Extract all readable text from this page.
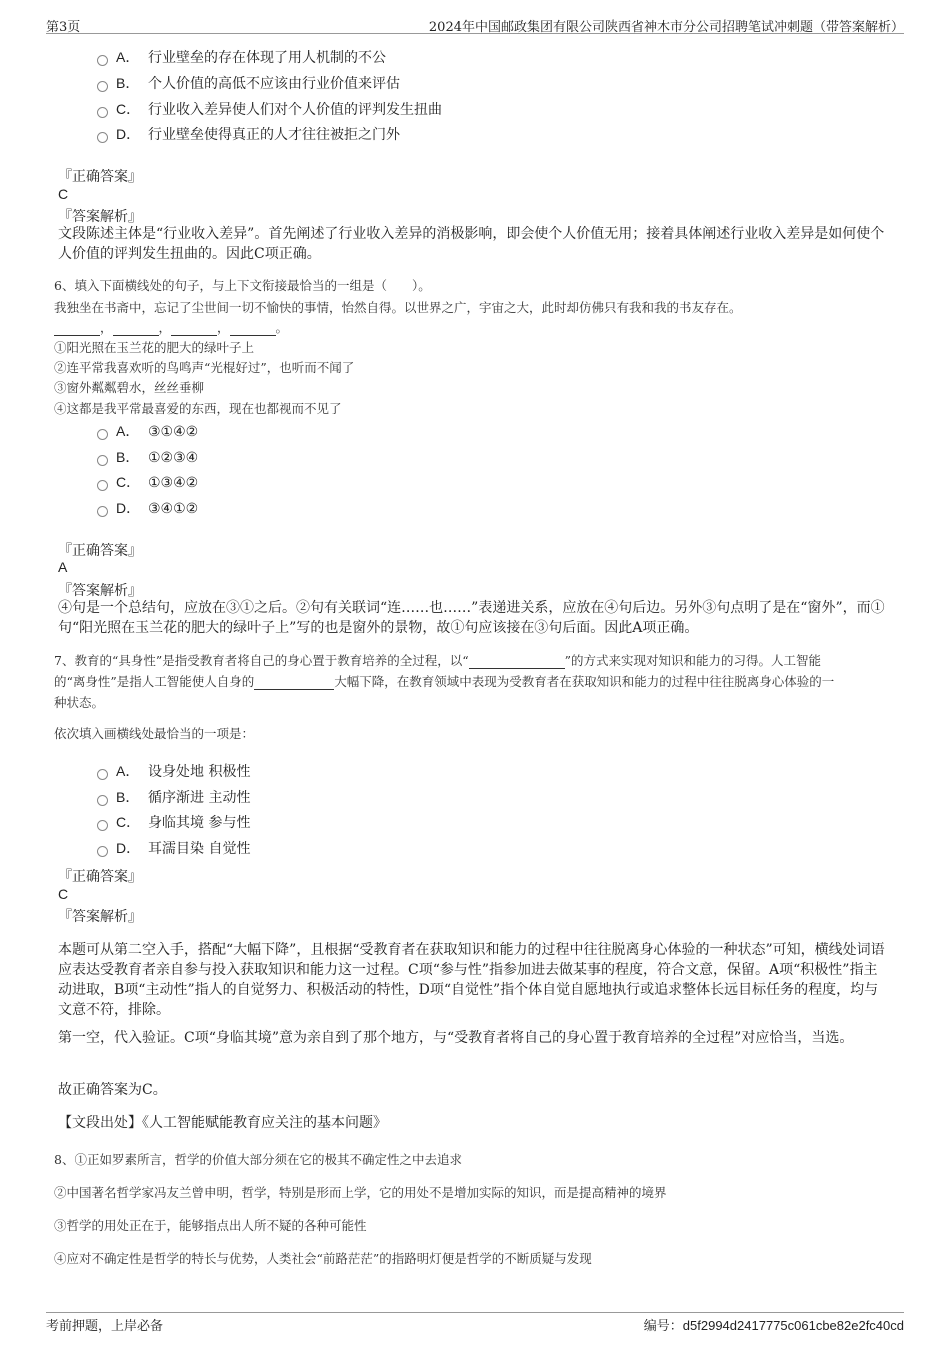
第3页	2024年中国邮政集团有限公司陕西省神木市分公司招聘笔试冲刺题（带答案解析）
A． 行业壁垒的存在体现了用人机制的不公
B． 个人价值的高低不应该由行业价值来评估
C． 行业收入差异使人们对个人价值的评判发生扭曲
D． 行业壁垒使得真正的人才往往被拒之门外
『正确答案』
C
『答案解析』
文段陈述主体是“行业收入差异”。首先阐述了行业收入差异的消极影响，即会使个人价值无用；接着具体阐述行业收入差异是如何使个人价值的评判发生扭曲的。因此C项正确。
6、填入下面横线处的句子，与上下文衔接最恰当的一组是（　　）。
我独坐在书斋中，忘记了尘世间一切不愉快的事情，怡然自得。以世界之广，宇宙之大，此时却仿佛只有我和我的书友存在。
，	，	，	。
①阳光照在玉兰花的肥大的绿叶子上
②连平常我喜欢听的鸟鸣声“光棍好过”，也听而不闻了
③窗外粼粼碧水，丝丝垂柳
④这都是我平常最喜爱的东西，现在也都视而不见了
A． ③①④②
B． ①②③④
C． ①③④②
D． ③④①②
『正确答案』
A
『答案解析』
④句是一个总结句，应放在③①之后。②句有关联词“连……也……”表递进关系，应放在④句后边。另外③句点明了是在“窗外”，而①句“阳光照在玉兰花的肥大的绿叶子上”写的也是窗外的景物，故①句应该接在③句后面。因此A项正确。
7、教育的“具身性”是指受教育者将自己的身心置于教育培养的全过程，以“	”的方式来实现对知识和能力的习得。人工智能
的“离身性”是指人工智能使人自身的	大幅下降，在教育领域中表现为受教育者在获取知识和能力的过程中往往脱离身心体验的一
种状态。
依次填入画横线处最恰当的一项是：
A． 设身处地 积极性
B． 循序渐进 主动性
C． 身临其境 参与性
D． 耳濡目染 自觉性
『正确答案』
C
『答案解析』
本题可从第二空入手，搭配“大幅下降”，且根据“受教育者在获取知识和能力的过程中往往脱离身心体验的一种状态”可知，横线处词语应表达受教育者亲自参与投入获取知识和能力这一过程。C项“参与性”指参加进去做某事的程度，符合文意，保留。A项“积极性”指主动进取，B项“主动性”指人的自觉努力、积极活动的特性，D项“自觉性”指个体自觉自愿地执行或追求整体长远目标任务的程度，均与文意不符，排除。
第一空，代入验证。C项“身临其境”意为亲自到了那个地方，与“受教育者将自己的身心置于教育培养的全过程”对应恰当，当选。
故正确答案为C。
【文段出处】《人工智能赋能教育应关注的基本问题》
8、①正如罗素所言，哲学的价值大部分须在它的极其不确定性之中去追求
②中国著名哲学家冯友兰曾申明，哲学，特别是形而上学，它的用处不是增加实际的知识，而是提高精神的境界
③哲学的用处正在于，能够指点出人所不疑的各种可能性
④应对不确定性是哲学的特长与优势，人类社会“前路茫茫”的指路明灯便是哲学的不断质疑与发现
考前押题，上岸必备	编号：d5f2994d2417775c061cbe82e2fc40cd
